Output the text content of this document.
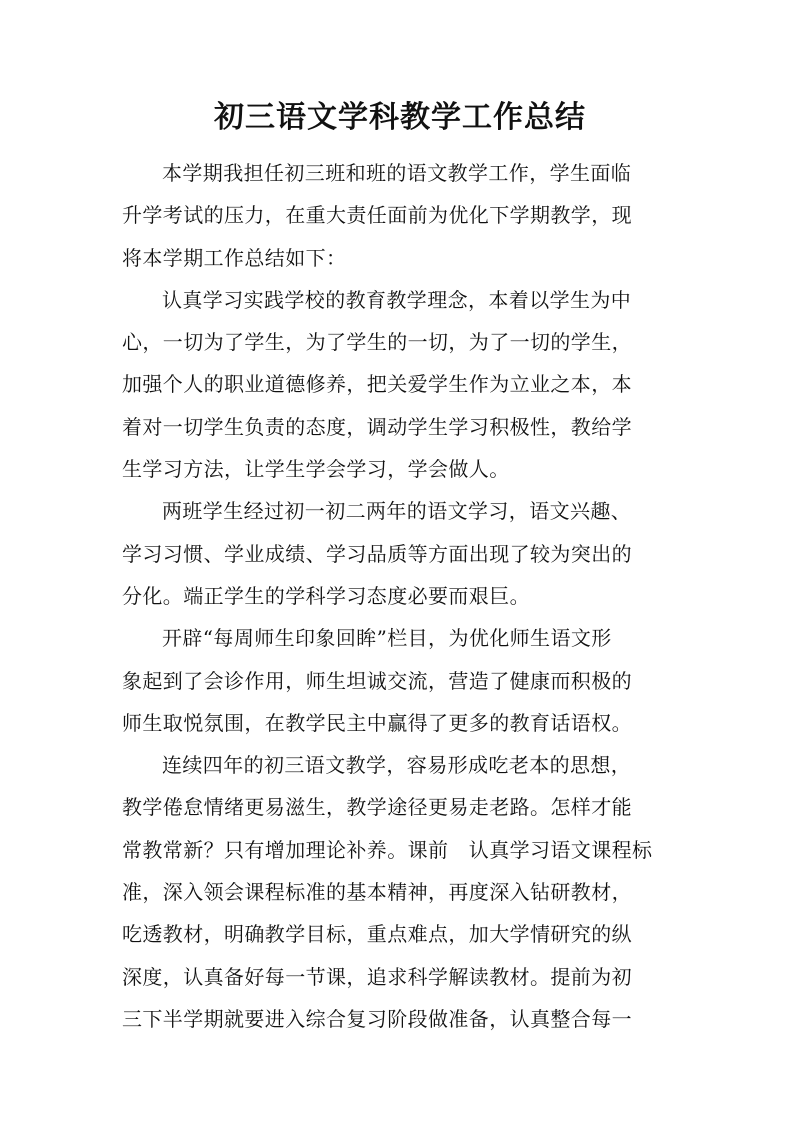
初三语文学科教学工作总结
本学期我担任初三班和班的语文教学工作，学生面临
升学考试的压力，在重大责任面前为优化下学期教学，现
将本学期工作总结如下：
认真学习实践学校的教育教学理念，本着以学生为中
心，一切为了学生，为了学生的一切，为了一切的学生，
加强个人的职业道德修养，把关爱学生作为立业之本，本
着对一切学生负责的态度，调动学生学习积极性，教给学
生学习方法，让学生学会学习，学会做人。
两班学生经过初一初二两年的语文学习，语文兴趣、
学习习惯、学业成绩、学习品质等方面出现了较为突出的
分化。端正学生的学科学习态度必要而艰巨。
开辟“每周师生印象回眸”栏目，为优化师生语文形
象起到了会诊作用，师生坦诚交流，营造了健康而积极的
师生取悦氛围，在教学民主中赢得了更多的教育话语权。
连续四年的初三语文教学，容易形成吃老本的思想，
教学倦怠情绪更易滋生，教学途径更易走老路。怎样才能
常教常新？只有增加理论补养。课前　认真学习语文课程标
准，深入领会课程标准的基本精神，再度深入钻研教材，
吃透教材，明确教学目标，重点难点，加大学情研究的纵
深度，认真备好每一节课，追求科学解读教材。提前为初
三下半学期就要进入综合复习阶段做准备，认真整合每一
